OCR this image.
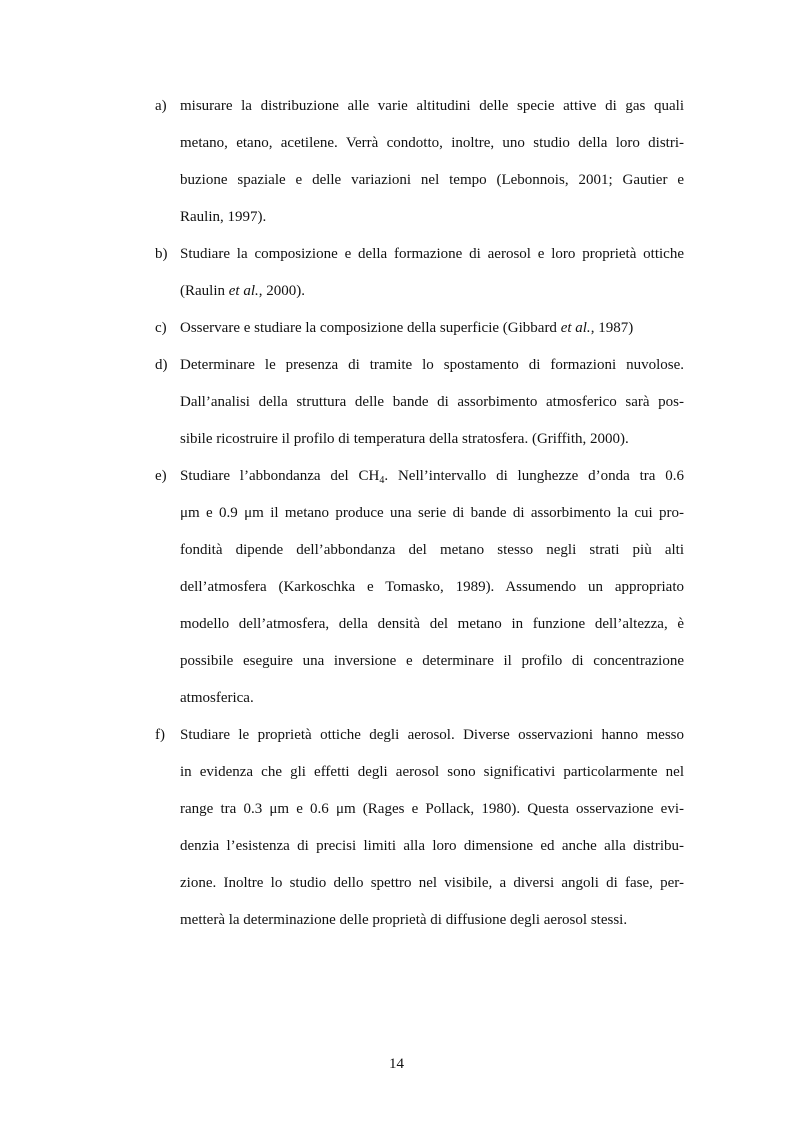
a) misurare la distribuzione alle varie altitudini delle specie attive di gas quali
metano, etano, acetilene. Verrà condotto, inoltre, uno studio della loro distri-
buzione spaziale e delle variazioni nel tempo (Lebonnois, 2001; Gautier e
Raulin, 1997).
b) Studiare la composizione e della formazione di aerosol e loro proprietà ottiche
(Raulin et al., 2000).
c) Osservare e studiare la composizione della superficie (Gibbard et al., 1987)
d) Determinare le presenza di tramite lo spostamento di formazioni nuvolose.
Dall’analisi della struttura delle bande di assorbimento atmosferico sarà pos-
sibile ricostruire il profilo di temperatura della stratosfera. (Griffith, 2000).
e) Studiare l’abbondanza del $CH_4$. Nell’intervallo di lunghezze d’onda tra 0.6
μm e 0.9 μm il metano produce una serie di bande di assorbimento la cui pro-
fondità dipende dell’abbondanza del metano stesso negli strati più alti
dell’atmosfera (Karkoschka e Tomasko, 1989). Assumendo un appropriato
modello dell’atmosfera, della densità del metano in funzione dell’altezza, è
possibile eseguire una inversione e determinare il profilo di concentrazione
atmosferica.
f) Studiare le proprietà ottiche degli aerosol. Diverse osservazioni hanno messo
in evidenza che gli effetti degli aerosol sono significativi particolarmente nel
range tra 0.3 μm e 0.6 μm (Rages e Pollack, 1980). Questa osservazione evi-
denzia l’esistenza di precisi limiti alla loro dimensione ed anche alla distribu-
zione. Inoltre lo studio dello spettro nel visibile, a diversi angoli di fase, per-
metterà la determinazione delle proprietà di diffusione degli aerosol stessi.
14
